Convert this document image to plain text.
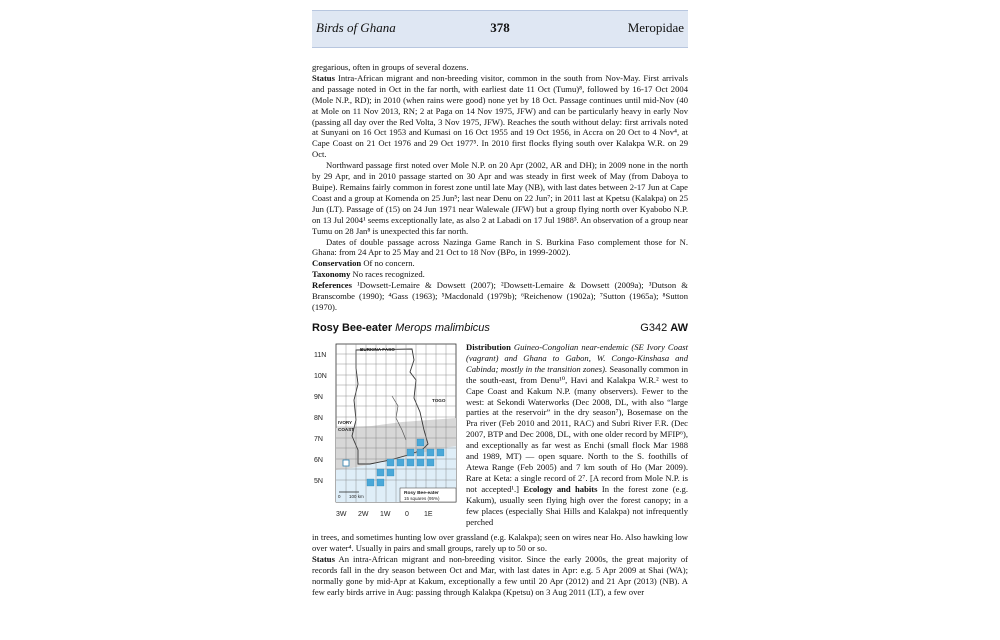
Birds of Ghana	378	Meropidae

gregarious, often in groups of several dozens.

Status Intra-African migrant and non-breeding visitor, common in the south from Nov-May. First arrivals and passage noted in Oct in the far north, with earliest date 11 Oct (Tumu)⁸, followed by 16-17 Oct 2004 (Mole N.P., RD); in 2010 (when rains were good) none yet by 18 Oct. Passage continues until mid-Nov (40 at Mole on 11 Nov 2013, RN; 2 at Paga on 14 Nov 1975, JFW) and can be particularly heavy in early Nov (passing all day over the Red Volta, 3 Nov 1975, JFW). Reaches the south without delay: first arrivals noted at Sunyani on 16 Oct 1953 and Kumasi on 16 Oct 1955 and 19 Oct 1956, in Accra on 20 Oct to 4 Nov⁴, at Cape Coast on 21 Oct 1976 and 29 Oct 1977⁵. In 2010 first flocks flying south over Kalakpa W.R. on 29 Oct.

Northward passage first noted over Mole N.P. on 20 Apr (2002, AR and DH); in 2009 none in the north by 29 Apr, and in 2010 passage started on 30 Apr and was steady in first week of May (from Daboya to Buipe). Remains fairly common in forest zone until late May (NB), with last dates between 2-17 Jun at Cape Coast and a group at Komenda on 25 Jun⁵; last near Denu on 22 Jun⁷; in 2011 last at Kpetsu (Kalakpa) on 25 Jun (LT). Passage of (15) on 24 Jun 1971 near Walewale (JFW) but a group flying north over Kyabobo N.P. on 13 Jul 2004¹ seems exceptionally late, as also 2 at Labadi on 17 Jul 1988³. An observation of a group near Tumu on 28 Jan⁸ is unexpected this far north.

Dates of double passage across Nazinga Game Ranch in S. Burkina Faso complement those for N. Ghana: from 24 Apr to 25 May and 21 Oct to 18 Nov (BPo, in 1999-2002).

Conservation Of no concern.

Taxonomy No races recognized.

References ¹Dowsett-Lemaire & Dowsett (2007); ²Dowsett-Lemaire & Dowsett (2009a); ³Dutson & Branscombe (1990); ⁴Gass (1963); ⁵Macdonald (1979b); ⁶Reichenow (1902a); ⁷Sutton (1965a); ⁸Sutton (1970).

Rosy Bee-eater Merops malimbicus	G342 AW
11N
10N
9N
8N
7N
6N
5N
BURKINA FASO
IVORY
COAST
TOGO
0 100 km
Rosy Bee-eater
15 squares (95%)
3W 2W 1W 0 1E
Distribution Guineo-Congolian near-endemic (SE Ivory Coast (vagrant) and Ghana to Gabon, W. Congo-Kinshasa and Cabinda; mostly in the transition zones). Seasonally common in the south-east, from Denu¹⁰, Havi and Kalakpa W.R.² west to Cape Coast and Kakum N.P. (many observers). Fewer to the west: at Sekondi Waterworks (Dec 2008, DL, with also “large parties at the reservoir” in the dry season⁷), Bosemase on the Pra river (Feb 2010 and 2011, RAC) and Subri River F.R. (Dec 2007, BTP and Dec 2008, DL, with one older record by MFIP⁶), and exceptionally as far west as Enchi (small flock Mar 1988 and 1989, MT) — open square. North to the S. foothills of Atewa Range (Feb 2005) and 7 km south of Ho (Mar 2009). Rare at Keta: a single record of 2⁷. [A record from Mole N.P. is not accepted¹.] Ecology and habits In the forest zone (e.g. Kakum), usually seen flying high over the forest canopy; in a few places (especially Shai Hills and Kalakpa) not infrequently perched

in trees, and sometimes hunting low over grassland (e.g. Kalakpa); seen on wires near Ho. Also hawking low over water⁴. Usually in pairs and small groups, rarely up to 50 or so.

Status An intra-African migrant and non-breeding visitor. Since the early 2000s, the great majority of records fall in the dry season between Oct and Mar, with last dates in Apr: e.g. 5 Apr 2009 at Shai (WA); normally gone by mid-Apr at Kakum, exceptionally a few until 20 Apr (2012) and 21 Apr (2013) (NB). A few early birds arrive in Aug: passing through Kalakpa (Kpetsu) on 3 Aug 2011 (LT), a few over
